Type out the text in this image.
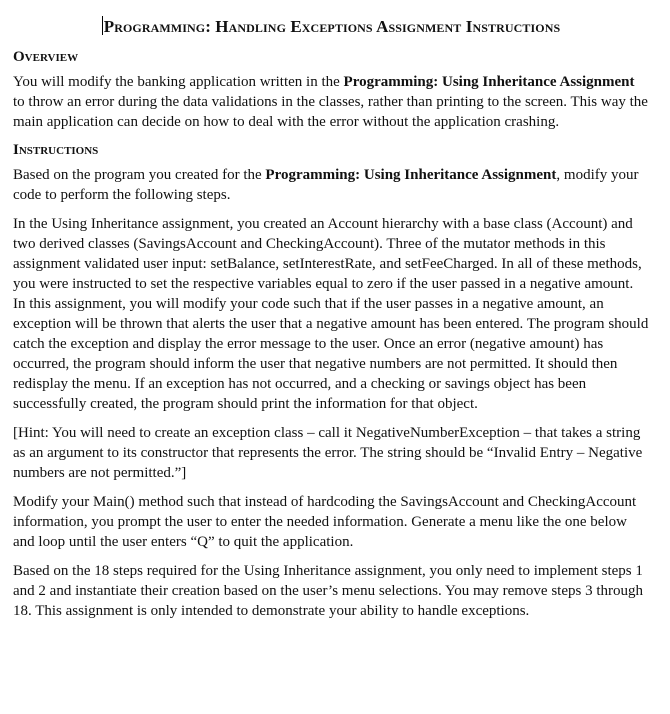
Programming: Handling Exceptions Assignment Instructions
Overview

You will modify the banking application written in the Programming: Using Inheritance Assignment to throw an error during the data validations in the classes, rather than printing to the screen. This way the main application can decide on how to deal with the error without the application crashing.

Instructions

Based on the program you created for the Programming: Using Inheritance Assignment, modify your code to perform the following steps.

In the Using Inheritance assignment, you created an Account hierarchy with a base class (Account) and two derived classes (SavingsAccount and CheckingAccount). Three of the mutator methods in this assignment validated user input: setBalance, setInterestRate, and setFeeCharged. In all of these methods, you were instructed to set the respective variables equal to zero if the user passed in a negative amount. In this assignment, you will modify your code such that if the user passes in a negative amount, an exception will be thrown that alerts the user that a negative amount has been entered. The program should catch the exception and display the error message to the user. Once an error (negative amount) has occurred, the program should inform the user that negative numbers are not permitted. It should then redisplay the menu. If an exception has not occurred, and a checking or savings object has been successfully created, the program should print the information for that object.

[Hint: You will need to create an exception class – call it NegativeNumberException – that takes a string as an argument to its constructor that represents the error. The string should be “Invalid Entry – Negative numbers are not permitted.”]

Modify your Main() method such that instead of hardcoding the SavingsAccount and CheckingAccount information, you prompt the user to enter the needed information. Generate a menu like the one below and loop until the user enters “Q” to quit the application.

Based on the 18 steps required for the Using Inheritance assignment, you only need to implement steps 1 and 2 and instantiate their creation based on the user’s menu selections. You may remove steps 3 through 18. This assignment is only intended to demonstrate your ability to handle exceptions.
